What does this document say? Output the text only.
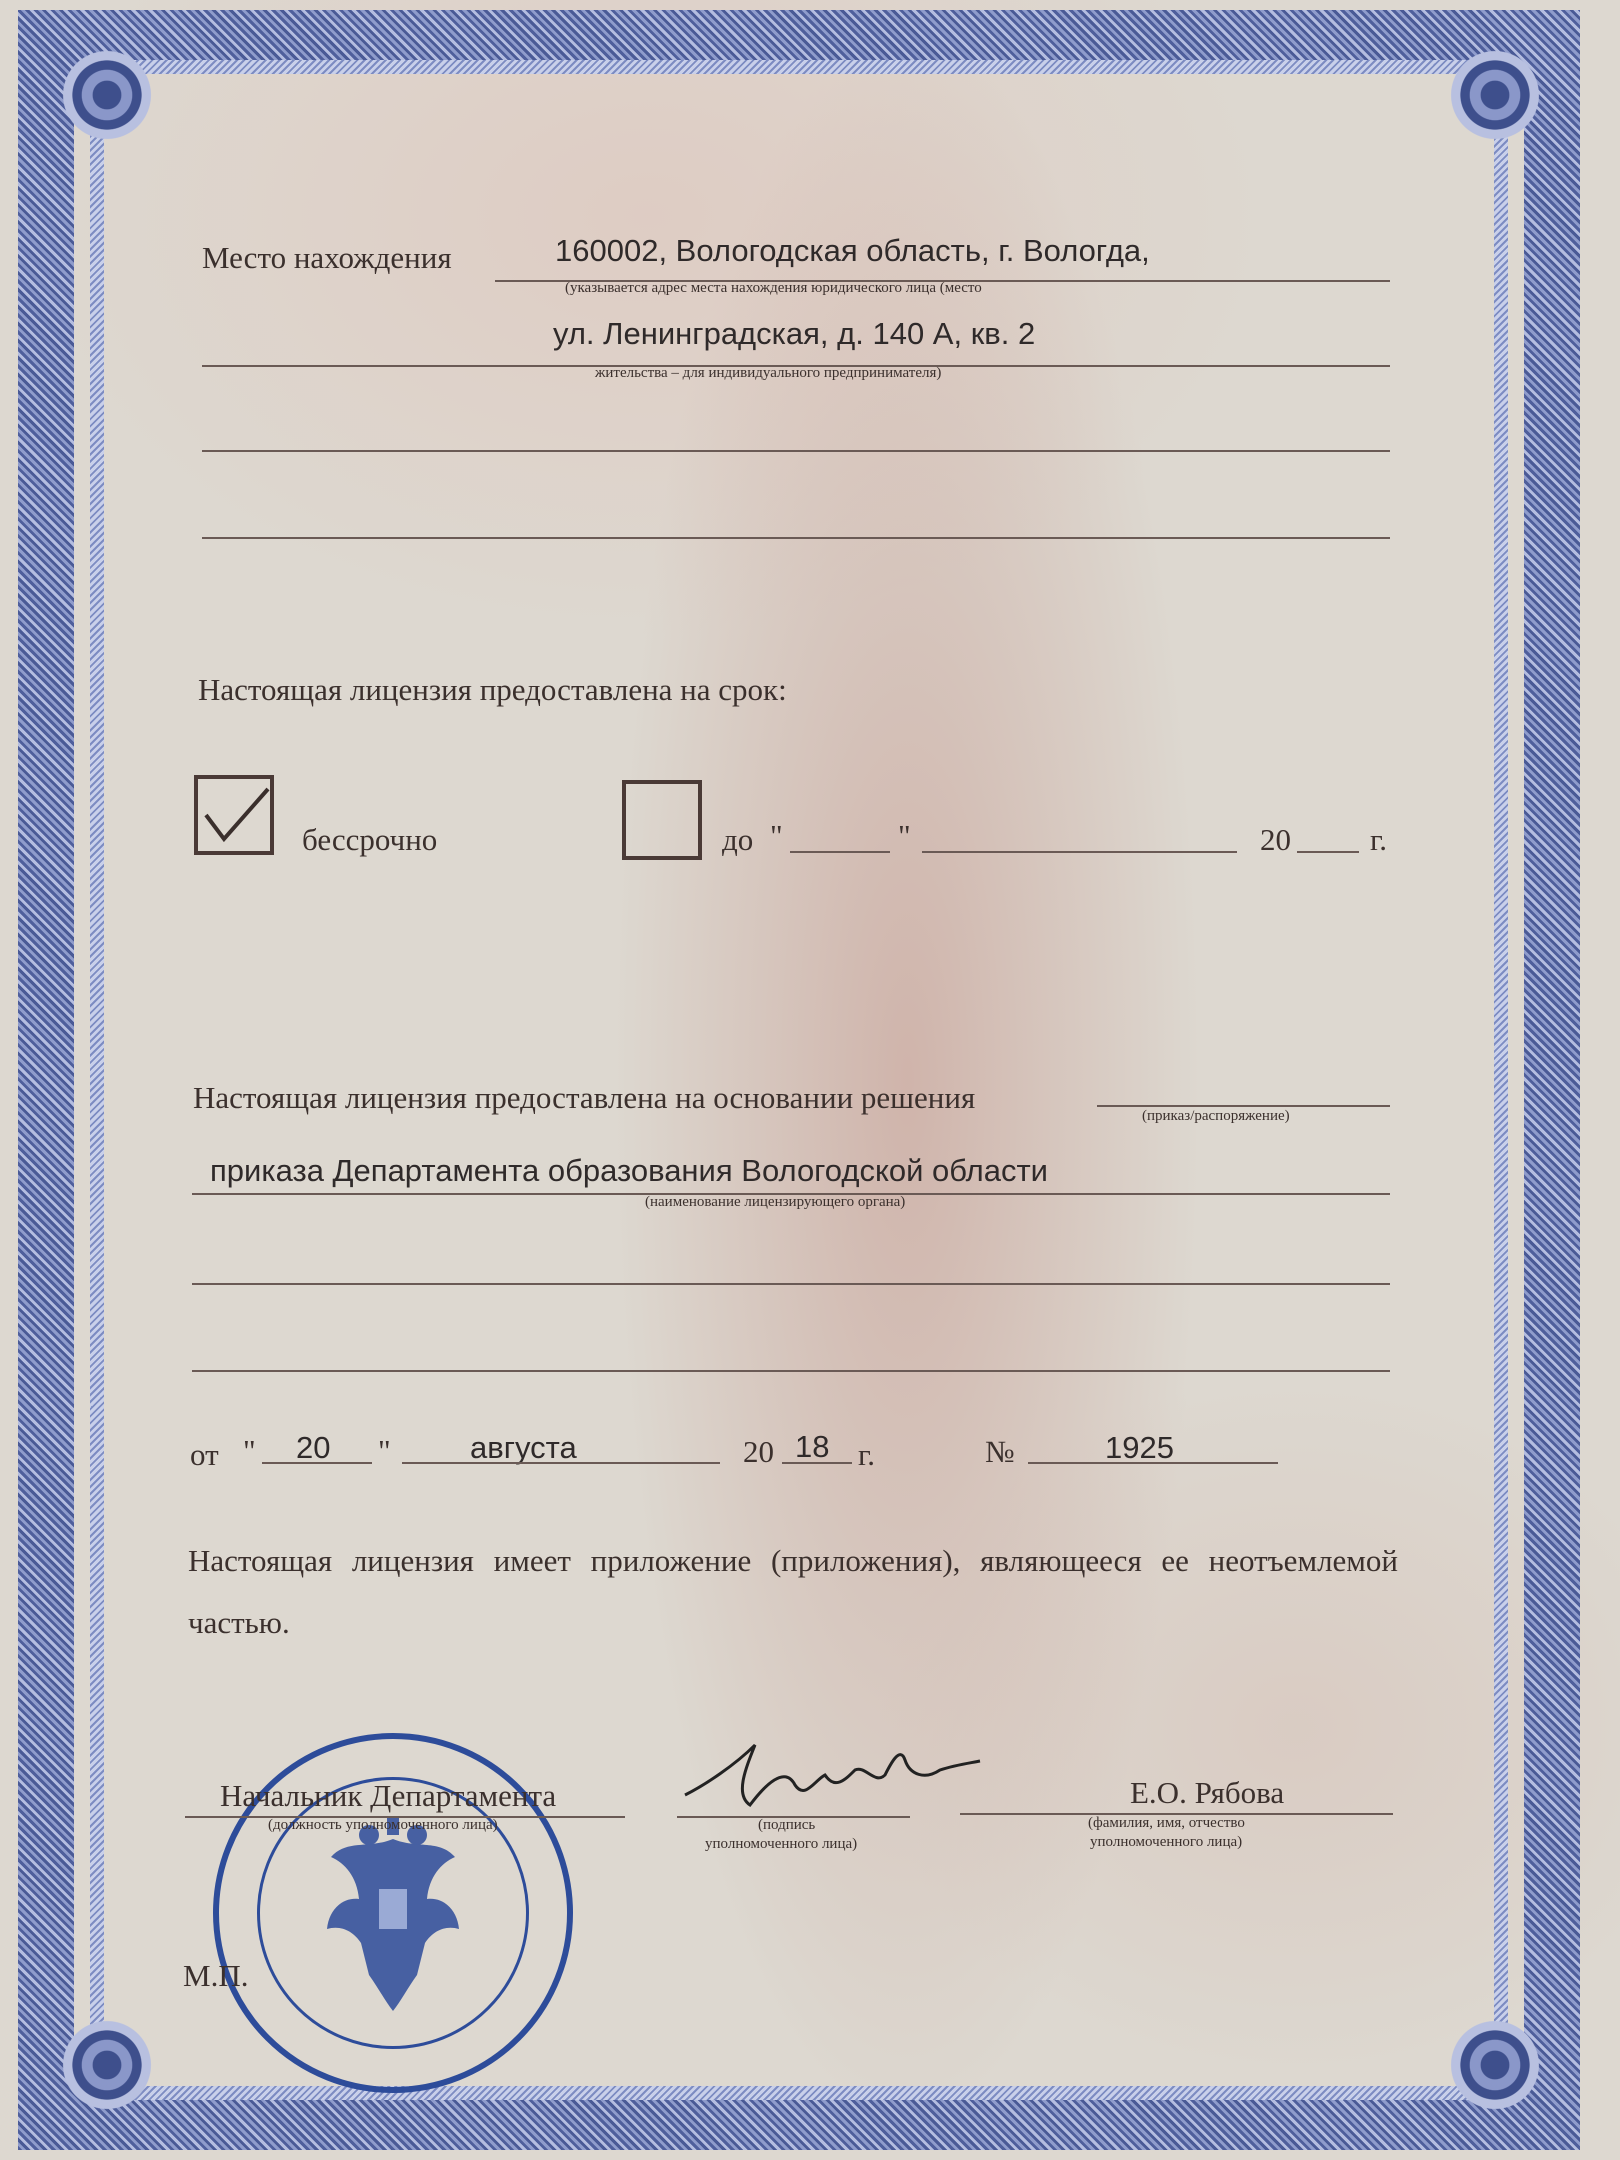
Место нахождения	160002, Вологодская область, г. Вологда,
(указывается адрес места нахождения юридического лица (место
ул. Ленинградская, д. 140 А, кв. 2
жительства – для индивидуального предпринимателя)
Настоящая лицензия предоставлена на срок:
бессрочно	до "	"	20	г.
Настоящая лицензия предоставлена на основании решения
(приказ/распоряжение)
приказа Департамента образования Вологодской области
(наименование лицензирующего органа)
от " 20 "	августа	20 18 г.	№	1925
Настоящая лицензия имеет приложение (приложения), являющееся ее неотъемлемой частью.
Начальник Департамента
(должность уполномоченного лица)	(подпись
уполномоченного лица)
Е.О. Рябова
(фамилия, имя, отчество
уполномоченного лица)
М.П.
